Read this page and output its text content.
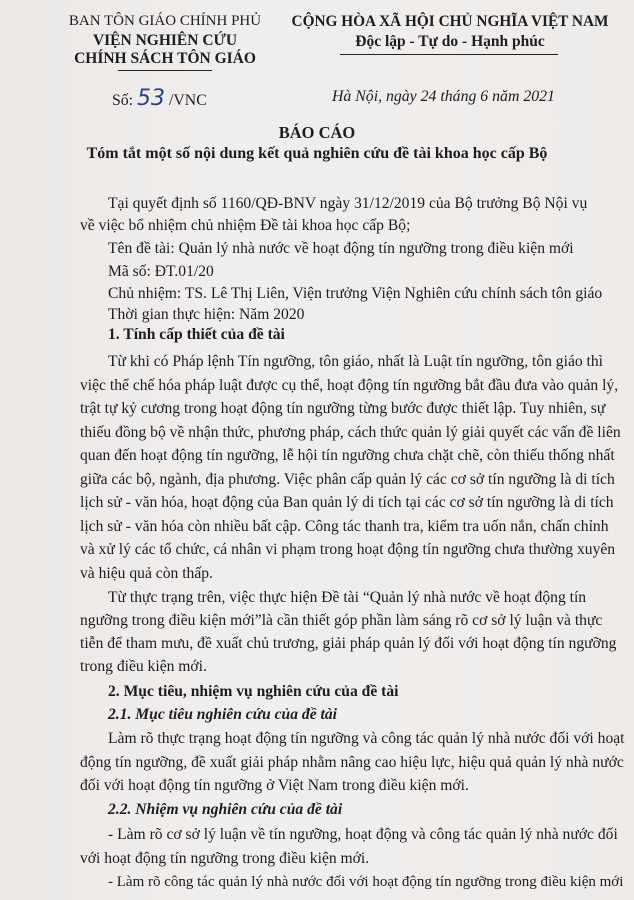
BAN TÔN GIÁO CHÍNH PHỦ
VIỆN NGHIÊN CỨU
CHÍNH SÁCH TÔN GIÁO
CỘNG HÒA XÃ HỘI CHỦ NGHĨA VIỆT NAM
Độc lập - Tự do - Hạnh phúc
Số: 53 /VNC	Hà Nội, ngày 24 tháng 6 năm 2021
BÁO CÁO
Tóm tắt một số nội dung kết quả nghiên cứu đề tài khoa học cấp Bộ
Tại quyết định số 1160/QĐ-BNV ngày 31/12/2019 của Bộ trưởng Bộ Nội vụ
về việc bổ nhiệm chủ nhiệm Đề tài khoa học cấp Bộ;
Tên đề tài: Quản lý nhà nước về hoạt động tín ngưỡng trong điều kiện mới
Mã số: ĐT.01/20
Chủ nhiệm: TS. Lê Thị Liên, Viện trưởng Viện Nghiên cứu chính sách tôn giáo
Thời gian thực hiện: Năm 2020
1. Tính cấp thiết của đề tài
Từ khi có Pháp lệnh Tín ngưỡng, tôn giáo, nhất là Luật tín ngưỡng, tôn giáo thì
việc thể chế hóa pháp luật được cụ thể, hoạt động tín ngưỡng bắt đầu đưa vào quản lý,
trật tự kỷ cương trong hoạt động tín ngưỡng từng bước được thiết lập. Tuy nhiên, sự
thiếu đồng bộ về nhận thức, phương pháp, cách thức quản lý giải quyết các vấn đề liên
quan đến hoạt động tín ngưỡng, lễ hội tín ngưỡng chưa chặt chẽ, còn thiếu thống nhất
giữa các bộ, ngành, địa phương. Việc phân cấp quản lý các cơ sở tín ngưỡng là di tích
lịch sử - văn hóa, hoạt động của Ban quản lý di tích tại các cơ sở tín ngưỡng là di tích
lịch sử - văn hóa còn nhiều bất cập. Công tác thanh tra, kiểm tra uốn nắn, chấn chỉnh
và xử lý các tổ chức, cá nhân vi phạm trong hoạt động tín ngưỡng chưa thường xuyên
và hiệu quả còn thấp.
Từ thực trạng trên, việc thực hiện Đề tài “Quản lý nhà nước về hoạt động tín
ngưỡng trong điều kiện mới”là cần thiết góp phần làm sáng rõ cơ sở lý luận và thực
tiễn để tham mưu, đề xuất chủ trương, giải pháp quản lý đối với hoạt động tín ngưỡng
trong điều kiện mới.
2. Mục tiêu, nhiệm vụ nghiên cứu của đề tài
2.1. Mục tiêu nghiên cứu của đề tài
Làm rõ thực trạng hoạt động tín ngưỡng và công tác quản lý nhà nước đối với hoạt
động tín ngưỡng, đề xuất giải pháp nhằm nâng cao hiệu lực, hiệu quả quản lý nhà nước
đối với hoạt động tín ngưỡng ở Việt Nam trong điều kiện mới.
2.2. Nhiệm vụ nghiên cứu của đề tài
- Làm rõ cơ sở lý luận về tín ngưỡng, hoạt động và công tác quản lý nhà nước đối
với hoạt động tín ngưỡng trong điều kiện mới.
- Làm rõ công tác quản lý nhà nước đối với hoạt động tín ngưỡng trong điều kiện mới
